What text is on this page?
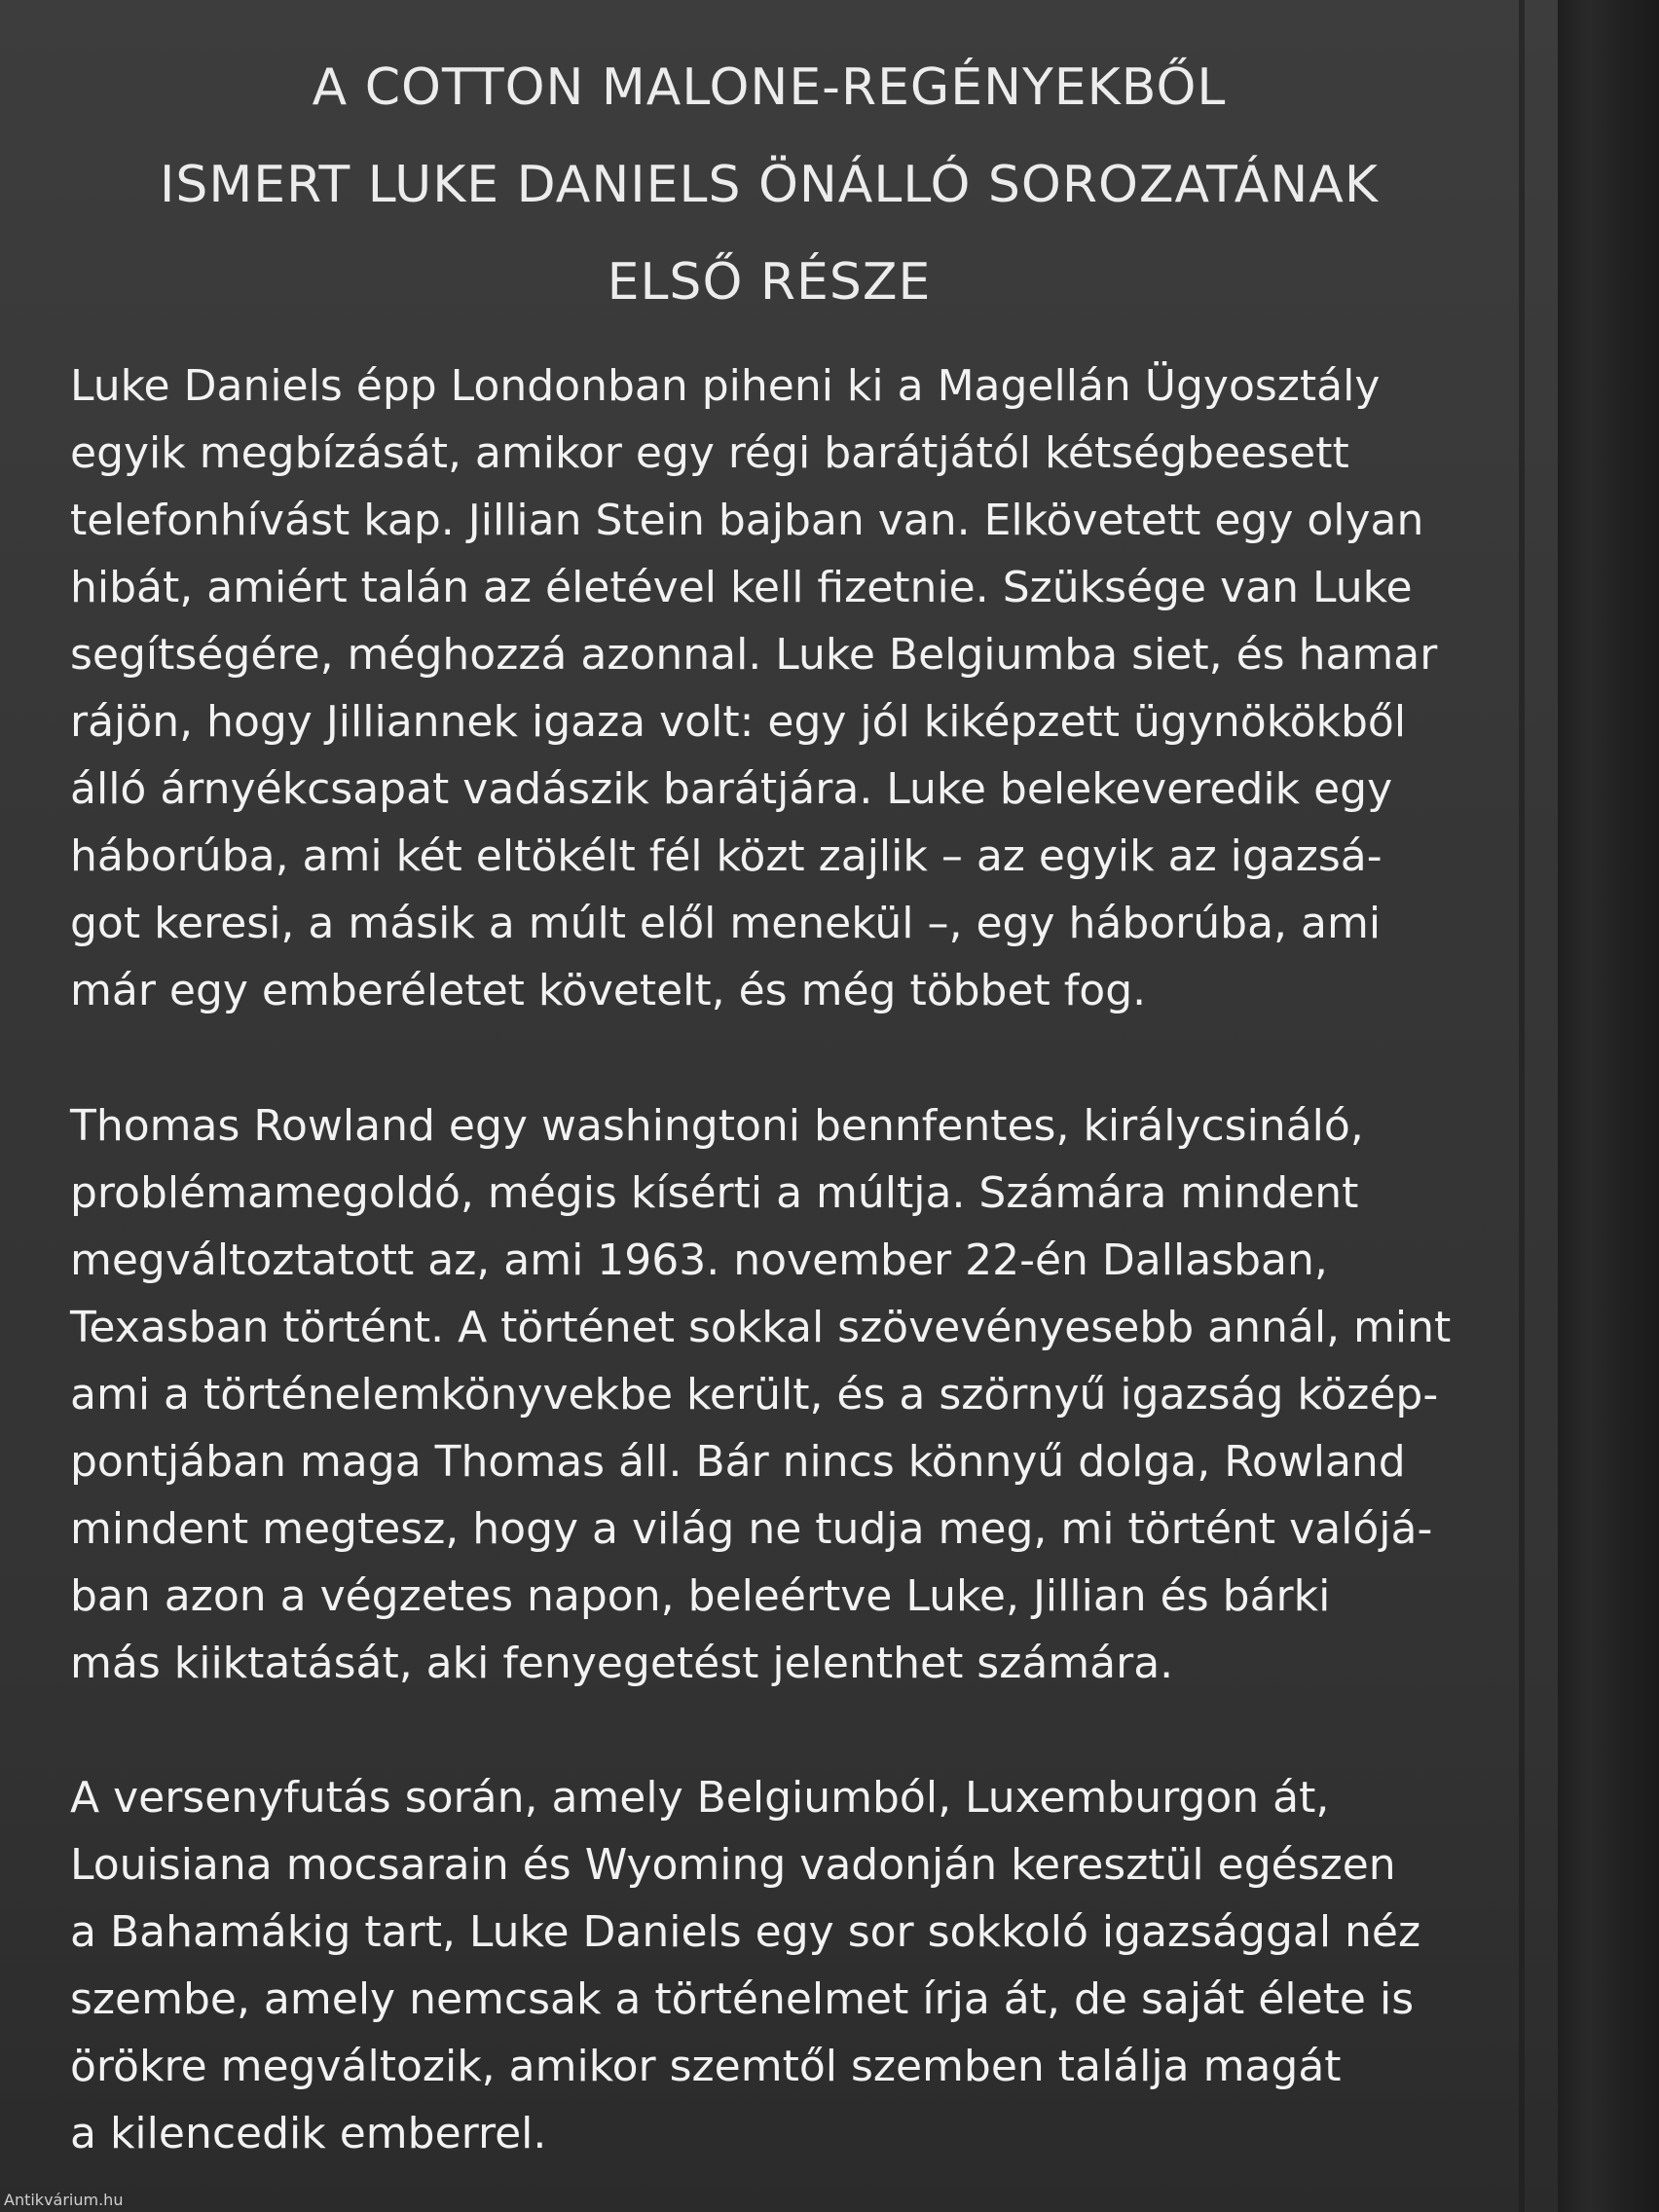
A COTTON MALONE-REGÉNYEKBŐL
ISMERT LUKE DANIELS ÖNÁLLÓ SOROZATÁNAK
ELSŐ RÉSZE
Luke Daniels épp Londonban piheni ki a Magellán Ügyosztály
egyik megbízását, amikor egy régi barátjától kétségbeesett
telefonhívást kap. Jillian Stein bajban van. Elkövetett egy olyan
hibát, amiért talán az életével kell fizetnie. Szüksége van Luke
segítségére, méghozzá azonnal. Luke Belgiumba siet, és hamar
rájön, hogy Jilliannek igaza volt: egy jól kiképzett ügynökökből
álló árnyékcsapat vadászik barátjára. Luke belekeveredik egy
háborúba, ami két eltökélt fél közt zajlik – az egyik az igazsá-
got keresi, a másik a múlt elől menekül –, egy háborúba, ami
már egy emberéletet követelt, és még többet fog.
Thomas Rowland egy washingtoni bennfentes, királycsináló,
problémamegoldó, mégis kísérti a múltja. Számára mindent
megváltoztatott az, ami 1963. november 22-én Dallasban,
Texasban történt. A történet sokkal szövevényesebb annál, mint
ami a történelemkönyvekbe került, és a szörnyű igazság közép-
pontjában maga Thomas áll. Bár nincs könnyű dolga, Rowland
mindent megtesz, hogy a világ ne tudja meg, mi történt valójá-
ban azon a végzetes napon, beleértve Luke, Jillian és bárki
más kiiktatását, aki fenyegetést jelenthet számára.
A versenyfutás során, amely Belgiumból, Luxemburgon át,
Louisiana mocsarain és Wyoming vadonján keresztül egészen
a Bahamákig tart, Luke Daniels egy sor sokkoló igazsággal néz
szembe, amely nemcsak a történelmet írja át, de saját élete is
örökre megváltozik, amikor szemtől szemben találja magát
a kilencedik emberrel.
Antikvárium.hu
